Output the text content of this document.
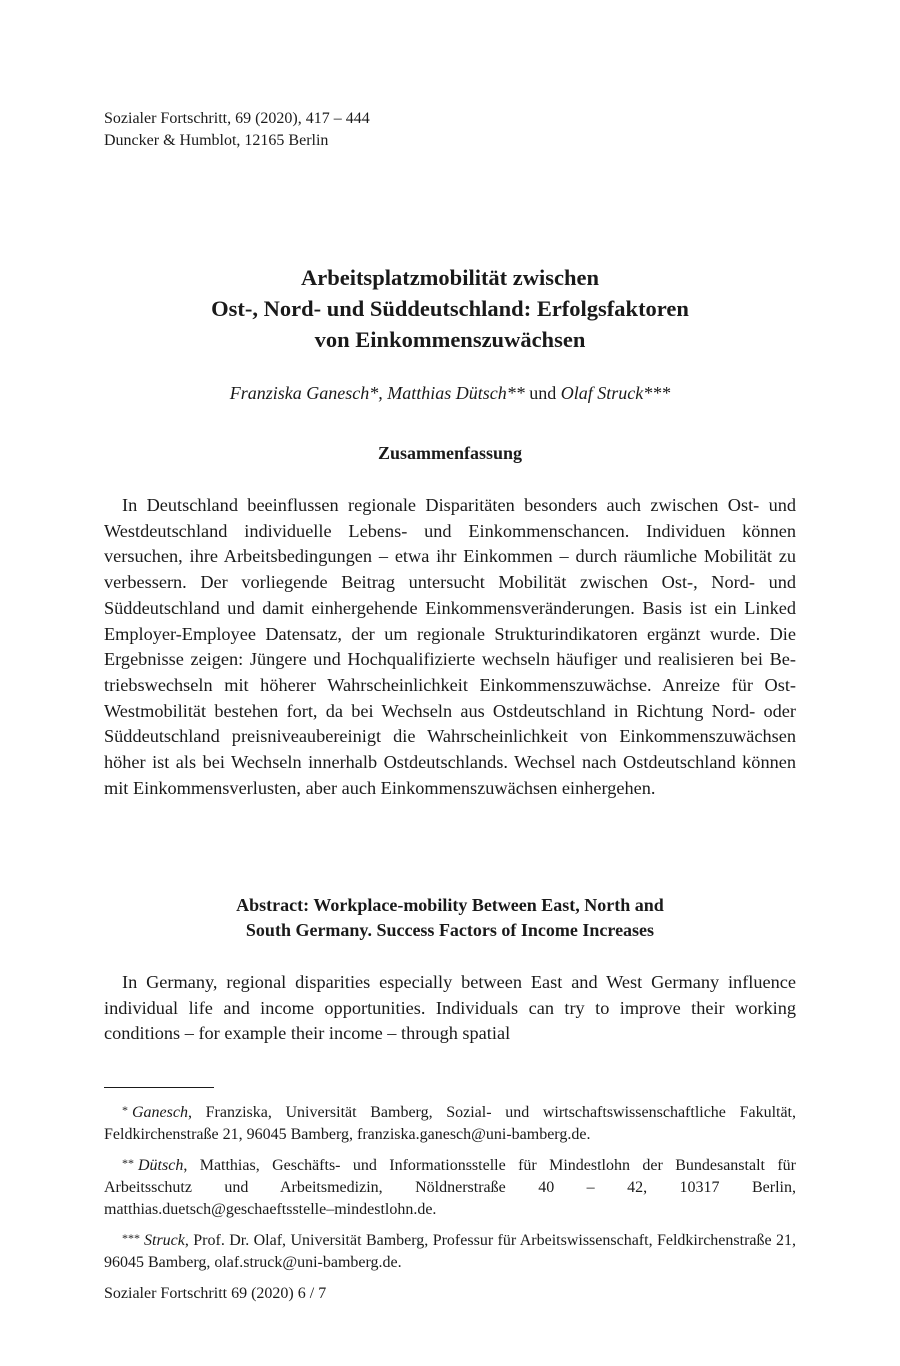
Sozialer Fortschritt, 69 (2020), 417 – 444
Duncker & Humblot, 12165 Berlin
Arbeitsplatzmobilität zwischen
Ost-, Nord- und Süddeutschland: Erfolgsfaktoren
von Einkommenszuwächsen
Franziska Ganesch*, Matthias Dütsch** und Olaf Struck***
Zusammenfassung

In Deutschland beeinflussen regionale Disparitäten besonders auch zwischen Ost- und Westdeutschland individuelle Lebens- und Einkommenschancen. Individuen können versuchen, ihre Arbeitsbedingungen – etwa ihr Einkommen – durch räumliche Mobilität zu verbessern. Der vorliegende Beitrag untersucht Mobilität zwischen Ost-, Nord- und Süddeutschland und damit einhergehende Einkommensveränderungen. Basis ist ein Linked Employer-Employee Datensatz, der um regionale Strukturindikatoren ergänzt wurde. Die Ergebnisse zeigen: Jüngere und Hochqualifizierte wechseln häufiger und realisieren bei Betriebswechseln mit höherer Wahrscheinlichkeit Einkommenszuwächse. Anreize für Ost-Westmobilität bestehen fort, da bei Wechseln aus Ostdeutschland in Richtung Nord- oder Süddeutschland preisniveaubereinigt die Wahrscheinlichkeit von Einkommenszuwächsen höher ist als bei Wechseln innerhalb Ostdeutschlands. Wechsel nach Ostdeutschland können mit Einkommensverlusten, aber auch Einkommenszuwächsen einhergehen.

Abstract: Workplace-mobility Between East, North and
South Germany. Success Factors of Income Increases

In Germany, regional disparities especially between East and West Germany influence individual life and income opportunities. Individuals can try to improve their working conditions – for example their income – through spatial

* Ganesch, Franziska, Universität Bamberg, Sozial- und wirtschaftswissenschaftliche Fakultät, Feldkirchenstraße 21, 96045 Bamberg, franziska.ganesch@uni-bamberg.de.

** Dütsch, Matthias, Geschäfts- und Informationsstelle für Mindestlohn der Bundesanstalt für Arbeitsschutz und Arbeitsmedizin, Nöldnerstraße 40 – 42, 10317 Berlin, matthias.duetsch@geschaeftsstelle–mindestlohn.de.

*** Struck, Prof. Dr. Olaf, Universität Bamberg, Professur für Arbeitswissenschaft, Feldkirchenstraße 21, 96045 Bamberg, olaf.struck@uni-bamberg.de.

Sozialer Fortschritt 69 (2020) 6 / 7
